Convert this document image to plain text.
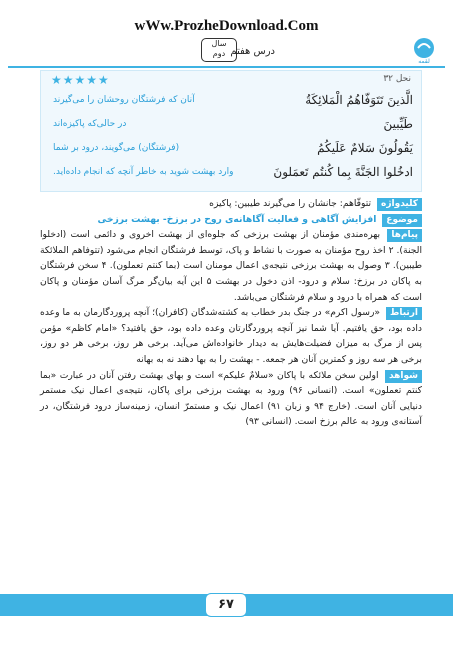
wWw.ProzheDownload.Com
لقمه
سال
دوم درس هفتم
★★★★★	نحل ۳۲
الَّذينَ تَتَوَفّاهُمُ الْمَلائِكَةُ
آنان که فرشتگان روحشان را می‌گیرند
طَيِّبينَ
در حالی‌که پاکیزه‌اند
يَقُولُونَ سَلامٌ عَلَيكُمُ
(فرشتگان) می‌گویند، درود بر شما
ادخُلوا الجَنَّةَ بِما كُنتُم تَعمَلونَ
وارد بهشت شوید به خاطر آنچه که انجام داده‌اید.

کلیدواژه تتوفّاهم: جانشان را می‌گیرند طیبین: پاکیزه

موضوع افزایش آگاهی و فعالیت آگاهانه‌ی روح در برزخ- بهشت برزخی

پیام‌ها بهره‌مندی مؤمنان از بهشت برزخی که جلوه‌ای از بهشت اخروی و دائمی است (ادخلوا الجنة). ۲ اخذ روح مؤمنان به صورت با نشاط و پاک، توسط فرشتگان انجام می‌شود (تتوفاهم الملائكة طيبين). ۳ وصول به بهشت برزخی نتیجه‌ی اعمال مومنان است (بما کنتم تعملون). ۴ سخن فرشتگان به پاکان در برزخ: سلام و درود- اذن دخول در بهشت ۵ این آیه بیان‌گر مرگ آسان مؤمنان و پاکان است که همراه با درود و سلام فرشتگان می‌باشد.

ارتباط «رسول اکرم» در جنگ بدر خطاب به کشته‌شدگان (کافران)؛ آنچه پروردگارمان به ما وعده داده بود، حق یافتیم. آیا شما نیز آنچه پروردگارتان وعده داده بود، حق یافتید؟ «امام کاظم» مؤمن پس از مرگ به میزان فضیلت‌هایش به دیدار خانواده‌اش می‌آید. برخی هر روز، برخی هر دو روز، برخی هر سه روز و کمترین آنان هر جمعه. - بهشت را به بها دهند نه به بهانه

شواهد اولین سخن ملائکه با پاکان «سلامٌ علیکم» است و بهای بهشت رفتن آنان در عبارت «بما کنتم تعملون» است. (انسانی ۹۶) ورود به بهشت برزخی برای پاکان، نتیجه‌ی اعمال نیک مستمر دنیایی آنان است. (خارج ۹۴ و زبان ۹۱) اعمال نیک و مستمرّ انسان، زمینه‌ساز درود فرشتگان، در آستانه‌ی ورود به عالم برزخ است. (انسانی ۹۳)

۶۷
